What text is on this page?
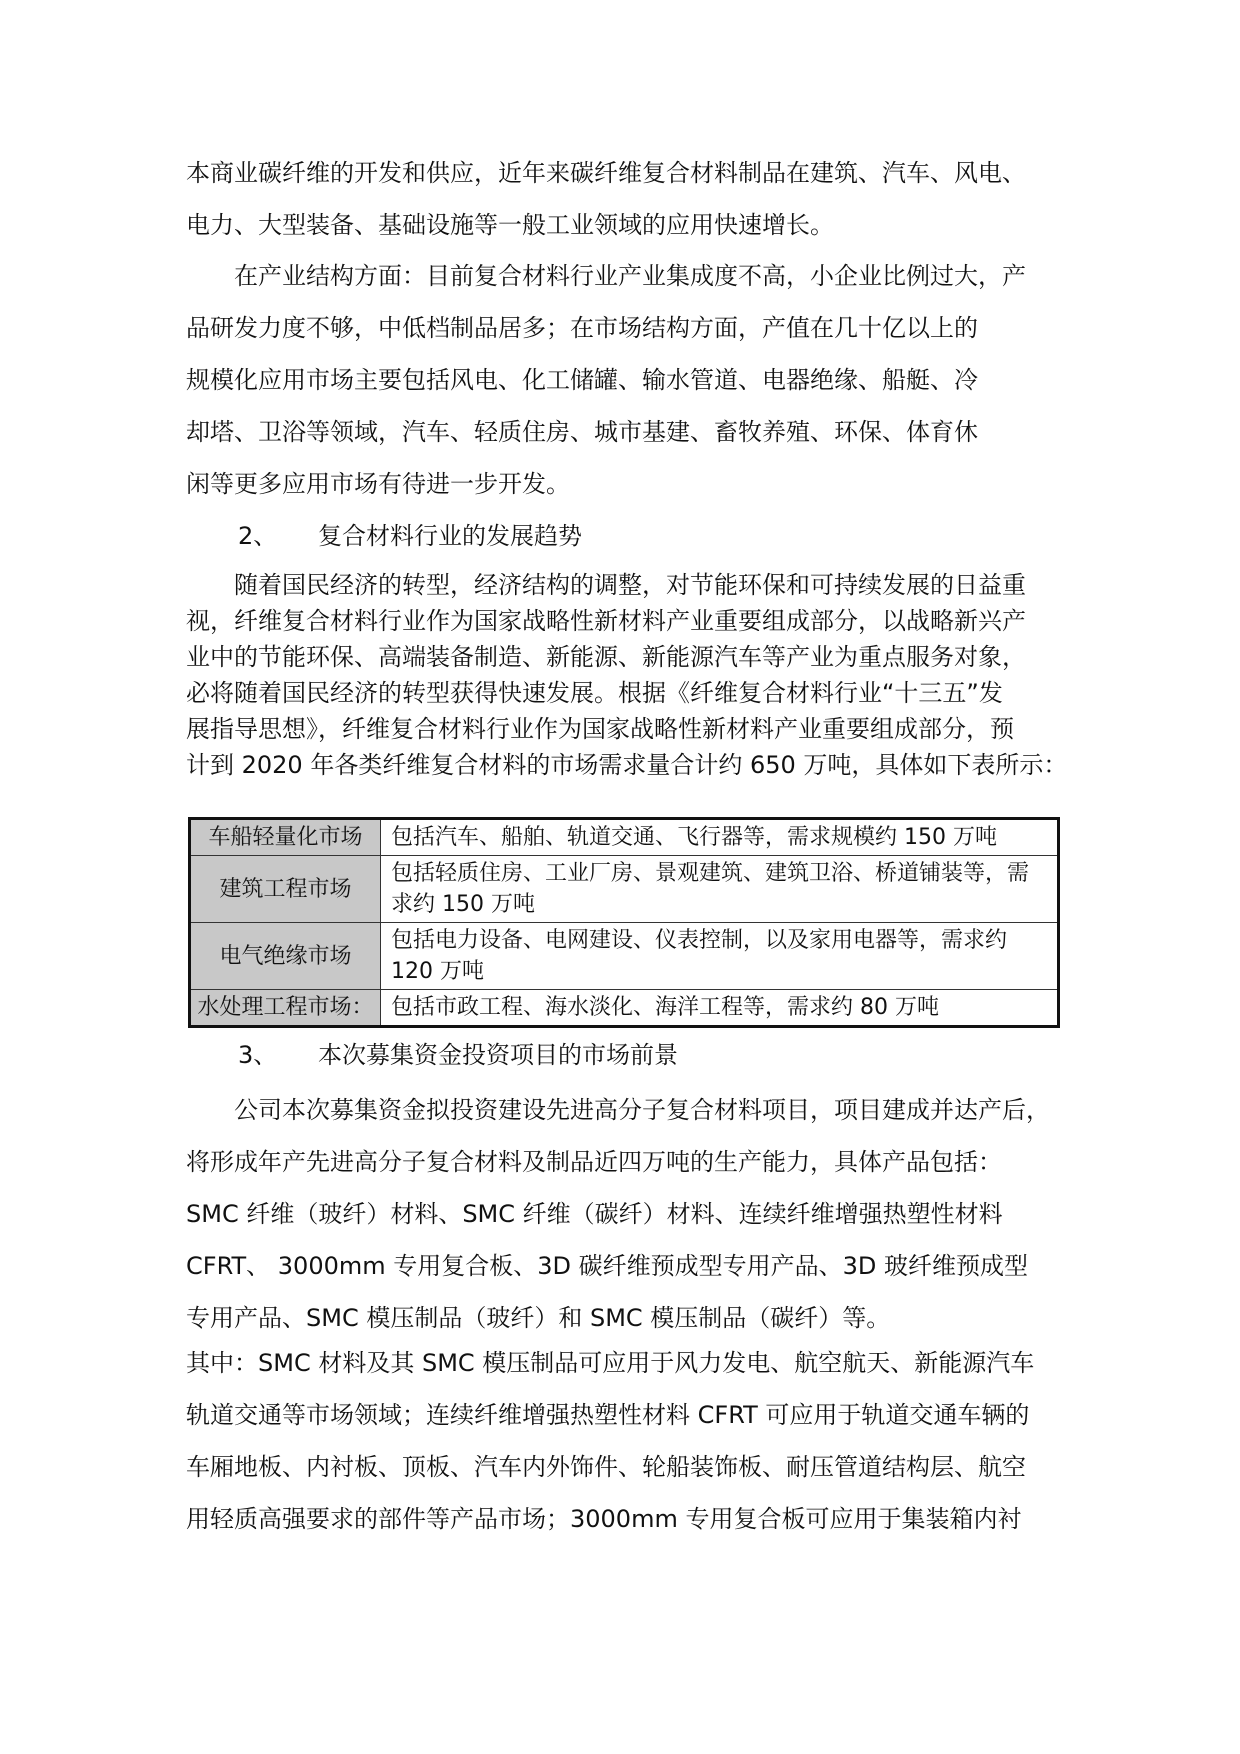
本商业碳纤维的开发和供应，近年来碳纤维复合材料制品在建筑、汽车、风电、
电力、大型装备、基础设施等一般工业领域的应用快速增长。
在产业结构方面：目前复合材料行业产业集成度不高，小企业比例过大，产
品研发力度不够，中低档制品居多；在市场结构方面，产值在几十亿以上的
规模化应用市场主要包括风电、化工储罐、输水管道、电器绝缘、船艇、冷
却塔、卫浴等领域，汽车、轻质住房、城市基建、畜牧养殖、环保、体育休
闲等更多应用市场有待进一步开发。

2、 复合材料行业的发展趋势

随着国民经济的转型，经济结构的调整，对节能环保和可持续发展的日益重
视，纤维复合材料行业作为国家战略性新材料产业重要组成部分，以战略新兴产
业中的节能环保、高端装备制造、新能源、新能源汽车等产业为重点服务对象，
必将随着国民经济的转型获得快速发展。根据《纤维复合材料行业“十三五”发
展指导思想》，纤维复合材料行业作为国家战略性新材料产业重要组成部分，预
计到 2020 年各类纤维复合材料的市场需求量合计约 650 万吨，具体如下表所示：
车船轻量化市场	包括汽车、船舶、轨道交通、飞行器等，需求规模约 150 万吨
建筑工程市场	包括轻质住房、工业厂房、景观建筑、建筑卫浴、桥道铺装等，需
求约 150 万吨
电气绝缘市场	包括电力设备、电网建设、仪表控制，以及家用电器等，需求约
120 万吨
水处理工程市场：	包括市政工程、海水淡化、海洋工程等，需求约 80 万吨

3、 本次募集资金投资项目的市场前景

公司本次募集资金拟投资建设先进高分子复合材料项目，项目建成并达产后，
将形成年产先进高分子复合材料及制品近四万吨的生产能力，具体产品包括：
SMC 纤维（玻纤）材料、SMC 纤维（碳纤）材料、连续纤维增强热塑性材料
CFRT、 3000mm 专用复合板、3D 碳纤维预成型专用产品、3D 玻纤维预成型
专用产品、SMC 模压制品（玻纤）和 SMC 模压制品（碳纤）等。
其中：SMC 材料及其 SMC 模压制品可应用于风力发电、航空航天、新能源汽车
轨道交通等市场领域；连续纤维增强热塑性材料 CFRT 可应用于轨道交通车辆的
车厢地板、内衬板、顶板、汽车内外饰件、轮船装饰板、耐压管道结构层、航空
用轻质高强要求的部件等产品市场；3000mm 专用复合板可应用于集装箱内衬
